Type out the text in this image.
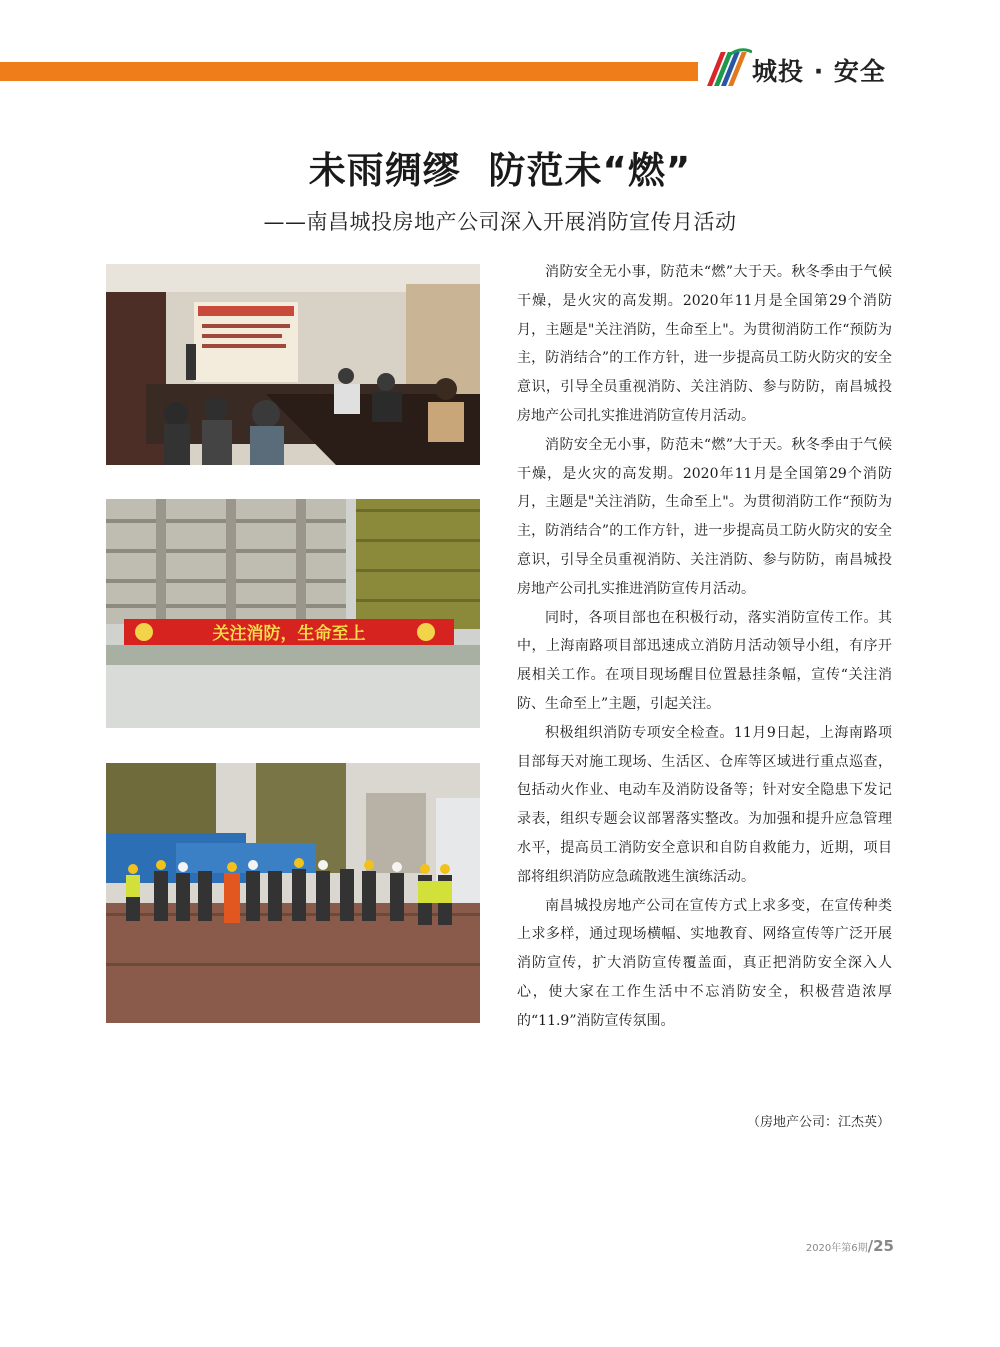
城投 · 安全
未雨绸缪  防范未“燃”
——南昌城投房地产公司深入开展消防宣传月活动
关注消防，生命至上

消防安全无小事，防范未“燃”大于天。秋冬季由于气候干燥，是火灾的高发期。2020年11月是全国第29个消防月，主题是"关注消防，生命至上"。为贯彻消防工作“预防为主，防消结合”的工作方针，进一步提高员工防火防灾的安全意识，引导全员重视消防、关注消防、参与防防，南昌城投房地产公司扎实推进消防宣传月活动。

消防安全无小事，防范未“燃”大于天。秋冬季由于气候干燥，是火灾的高发期。2020年11月是全国第29个消防月，主题是"关注消防，生命至上"。为贯彻消防工作“预防为主，防消结合”的工作方针，进一步提高员工防火防灾的安全意识，引导全员重视消防、关注消防、参与防防，南昌城投房地产公司扎实推进消防宣传月活动。

同时，各项目部也在积极行动，落实消防宣传工作。其中，上海南路项目部迅速成立消防月活动领导小组，有序开展相关工作。在项目现场醒目位置悬挂条幅，宣传“关注消防、生命至上”主题，引起关注。

积极组织消防专项安全检查。11月9日起，上海南路项目部每天对施工现场、生活区、仓库等区域进行重点巡查，包括动火作业、电动车及消防设备等；针对安全隐患下发记录表，组织专题会议部署落实整改。为加强和提升应急管理水平，提高员工消防安全意识和自防自救能力，近期，项目部将组织消防应急疏散逃生演练活动。

南昌城投房地产公司在宣传方式上求多变，在宣传种类上求多样，通过现场横幅、实地教育、网络宣传等广泛开展消防宣传，扩大消防宣传覆盖面，真正把消防安全深入人心，使大家在工作生活中不忘消防安全，积极营造浓厚的“11.9”消防宣传氛围。

（房地产公司：江杰英）
2020年第6期/25
